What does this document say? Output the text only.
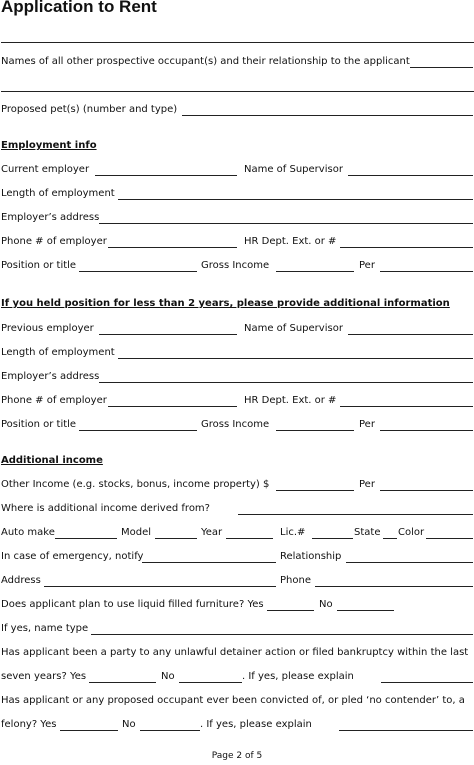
Application to Rent
Names of all other prospective occupant(s) and their relationship to the applicant
Proposed pet(s) (number and type)
Employment info
Current employer	Name of Supervisor
Length of employment
Employer’s address
Phone # of employer	HR Dept. Ext. or #
Position or title	Gross Income	Per
If you held position for less than 2 years, please provide additional information
Previous employer	Name of Supervisor
Length of employment
Employer’s address
Phone # of employer	HR Dept. Ext. or #
Position or title	Gross Income	Per
Additional income
Other Income (e.g. stocks, bonus, income property) $	Per
Where is additional income derived from?
Auto make	Model	Year	Lic.#	State Color
In case of emergency, notify	Relationship
Address	Phone
Does applicant plan to use liquid filled furniture? Yes	No
If yes, name type
Has applicant been a party to any unlawful detainer action or filed bankruptcy within the last
seven years? Yes	No	. If yes, please explain
Has applicant or any proposed occupant ever been convicted of, or pled ‘no contender’ to, a
felony? Yes	No	. If yes, please explain
Page 2 of 5
